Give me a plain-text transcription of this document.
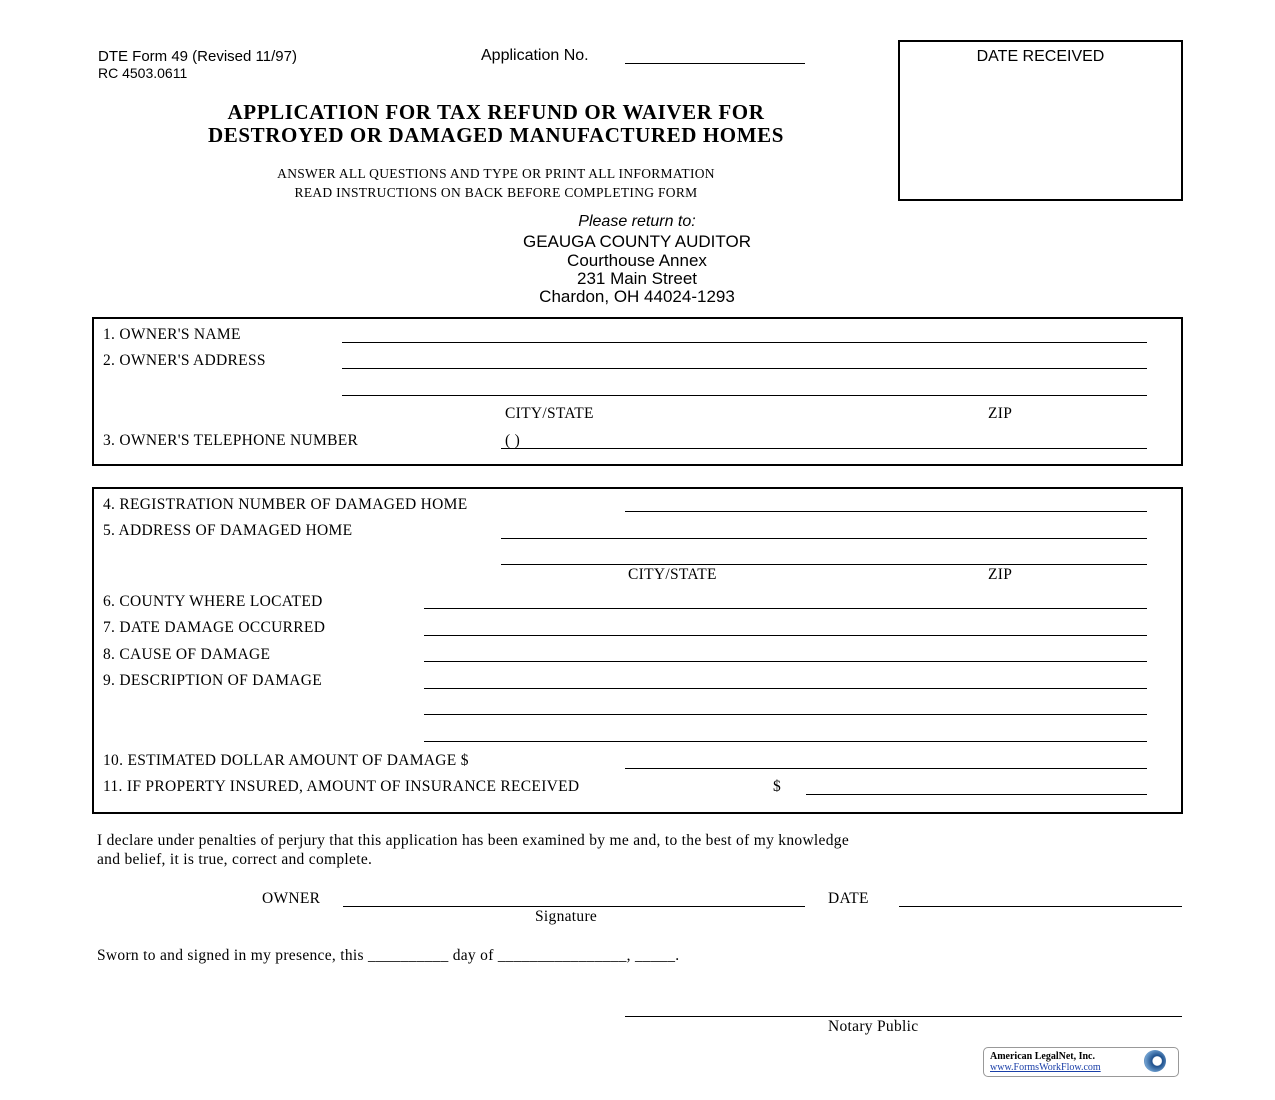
DTE Form 49 (Revised 11/97)
RC 4503.0611
Application No.	DATE RECEIVED
APPLICATION FOR TAX REFUND OR WAIVER FOR
DESTROYED OR DAMAGED MANUFACTURED HOMES
ANSWER ALL QUESTIONS AND TYPE OR PRINT ALL INFORMATION
READ INSTRUCTIONS ON BACK BEFORE COMPLETING FORM
Please return to:
GEAUGA COUNTY AUDITOR
Courthouse Annex
231 Main Street
Chardon, OH 44024-1293
1. OWNER'S NAME
2. OWNER'S ADDRESS
CITY/STATE	ZIP
3. OWNER'S TELEPHONE NUMBER	( )
4. REGISTRATION NUMBER OF DAMAGED HOME
5. ADDRESS OF DAMAGED HOME
CITY/STATE	ZIP
6. COUNTY WHERE LOCATED
7. DATE DAMAGE OCCURRED
8. CAUSE OF DAMAGE
9. DESCRIPTION OF DAMAGE
10. ESTIMATED DOLLAR AMOUNT OF DAMAGE $
11. IF PROPERTY INSURED, AMOUNT OF INSURANCE RECEIVED	$
I declare under penalties of perjury that this application has been examined by me and, to the best of my knowledge
and belief, it is true, correct and complete.
OWNER
Signature
DATE
Sworn to and signed in my presence, this __________ day of ________________, _____.
Notary Public
American LegalNet, Inc.
www.FormsWorkFlow.com
